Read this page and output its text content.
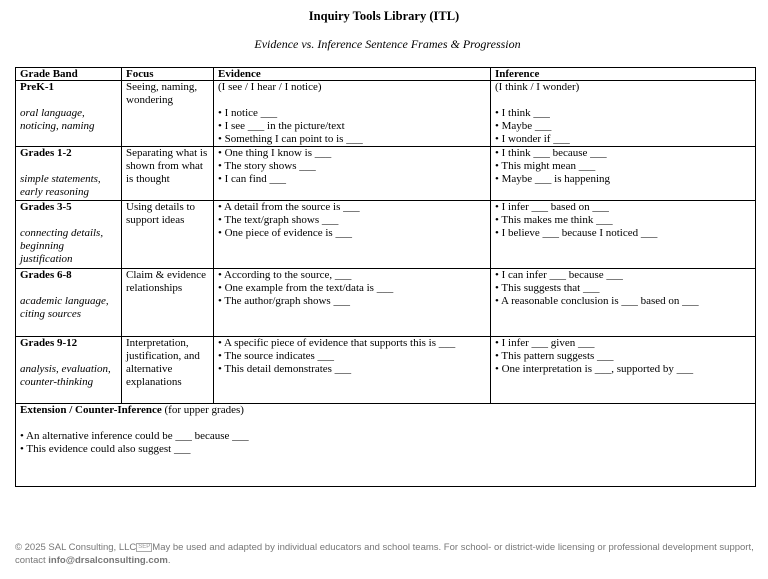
Inquiry Tools Library (ITL)
Evidence vs. Inference Sentence Frames & Progression
Grade Band	Focus	Evidence	Inference

PreK-1
oral language, noticing, naming	Seeing, naming, wondering	(I see / I hear / I notice)
• I notice ___
• I see ___ in the picture/text
• Something I can point to is ___	(I think / I wonder)
• I think ___
• Maybe ___
• I wonder if ___

Grades 1-2
simple statements, early reasoning	Separating what is shown from what is thought	• One thing I know is ___
• The story shows ___
• I can find ___	• I think ___ because ___
• This might mean ___
• Maybe ___ is happening

Grades 3-5
connecting details, beginning justification	Using details to support ideas	• A detail from the source is ___
• The text/graph shows ___
• One piece of evidence is ___	• I infer ___ based on ___
• This makes me think ___
• I believe ___ because I noticed ___

Grades 6-8
academic language, citing sources	Claim & evidence relationships	• According to the source, ___
• One example from the text/data is ___
• The author/graph shows ___	• I can infer ___ because ___
• This suggests that ___
• A reasonable conclusion is ___ based on ___

Grades 9-12
analysis, evaluation, counter-thinking	Interpretation, justification, and alternative explanations	• A specific piece of evidence that supports this is ___
• The source indicates ___
• This detail demonstrates ___	• I infer ___ given ___
• This pattern suggests ___
• One interpretation is ___, supported by ___

Extension / Counter-Inference (for upper grades)
• An alternative inference could be ___ because ___
• This evidence could also suggest ___			
© 2025 SAL Consulting, LLC SEP May be used and adapted by individual educators and school teams. For school- or district-wide licensing or professional development support, contact info@drsalconsulting.com.
